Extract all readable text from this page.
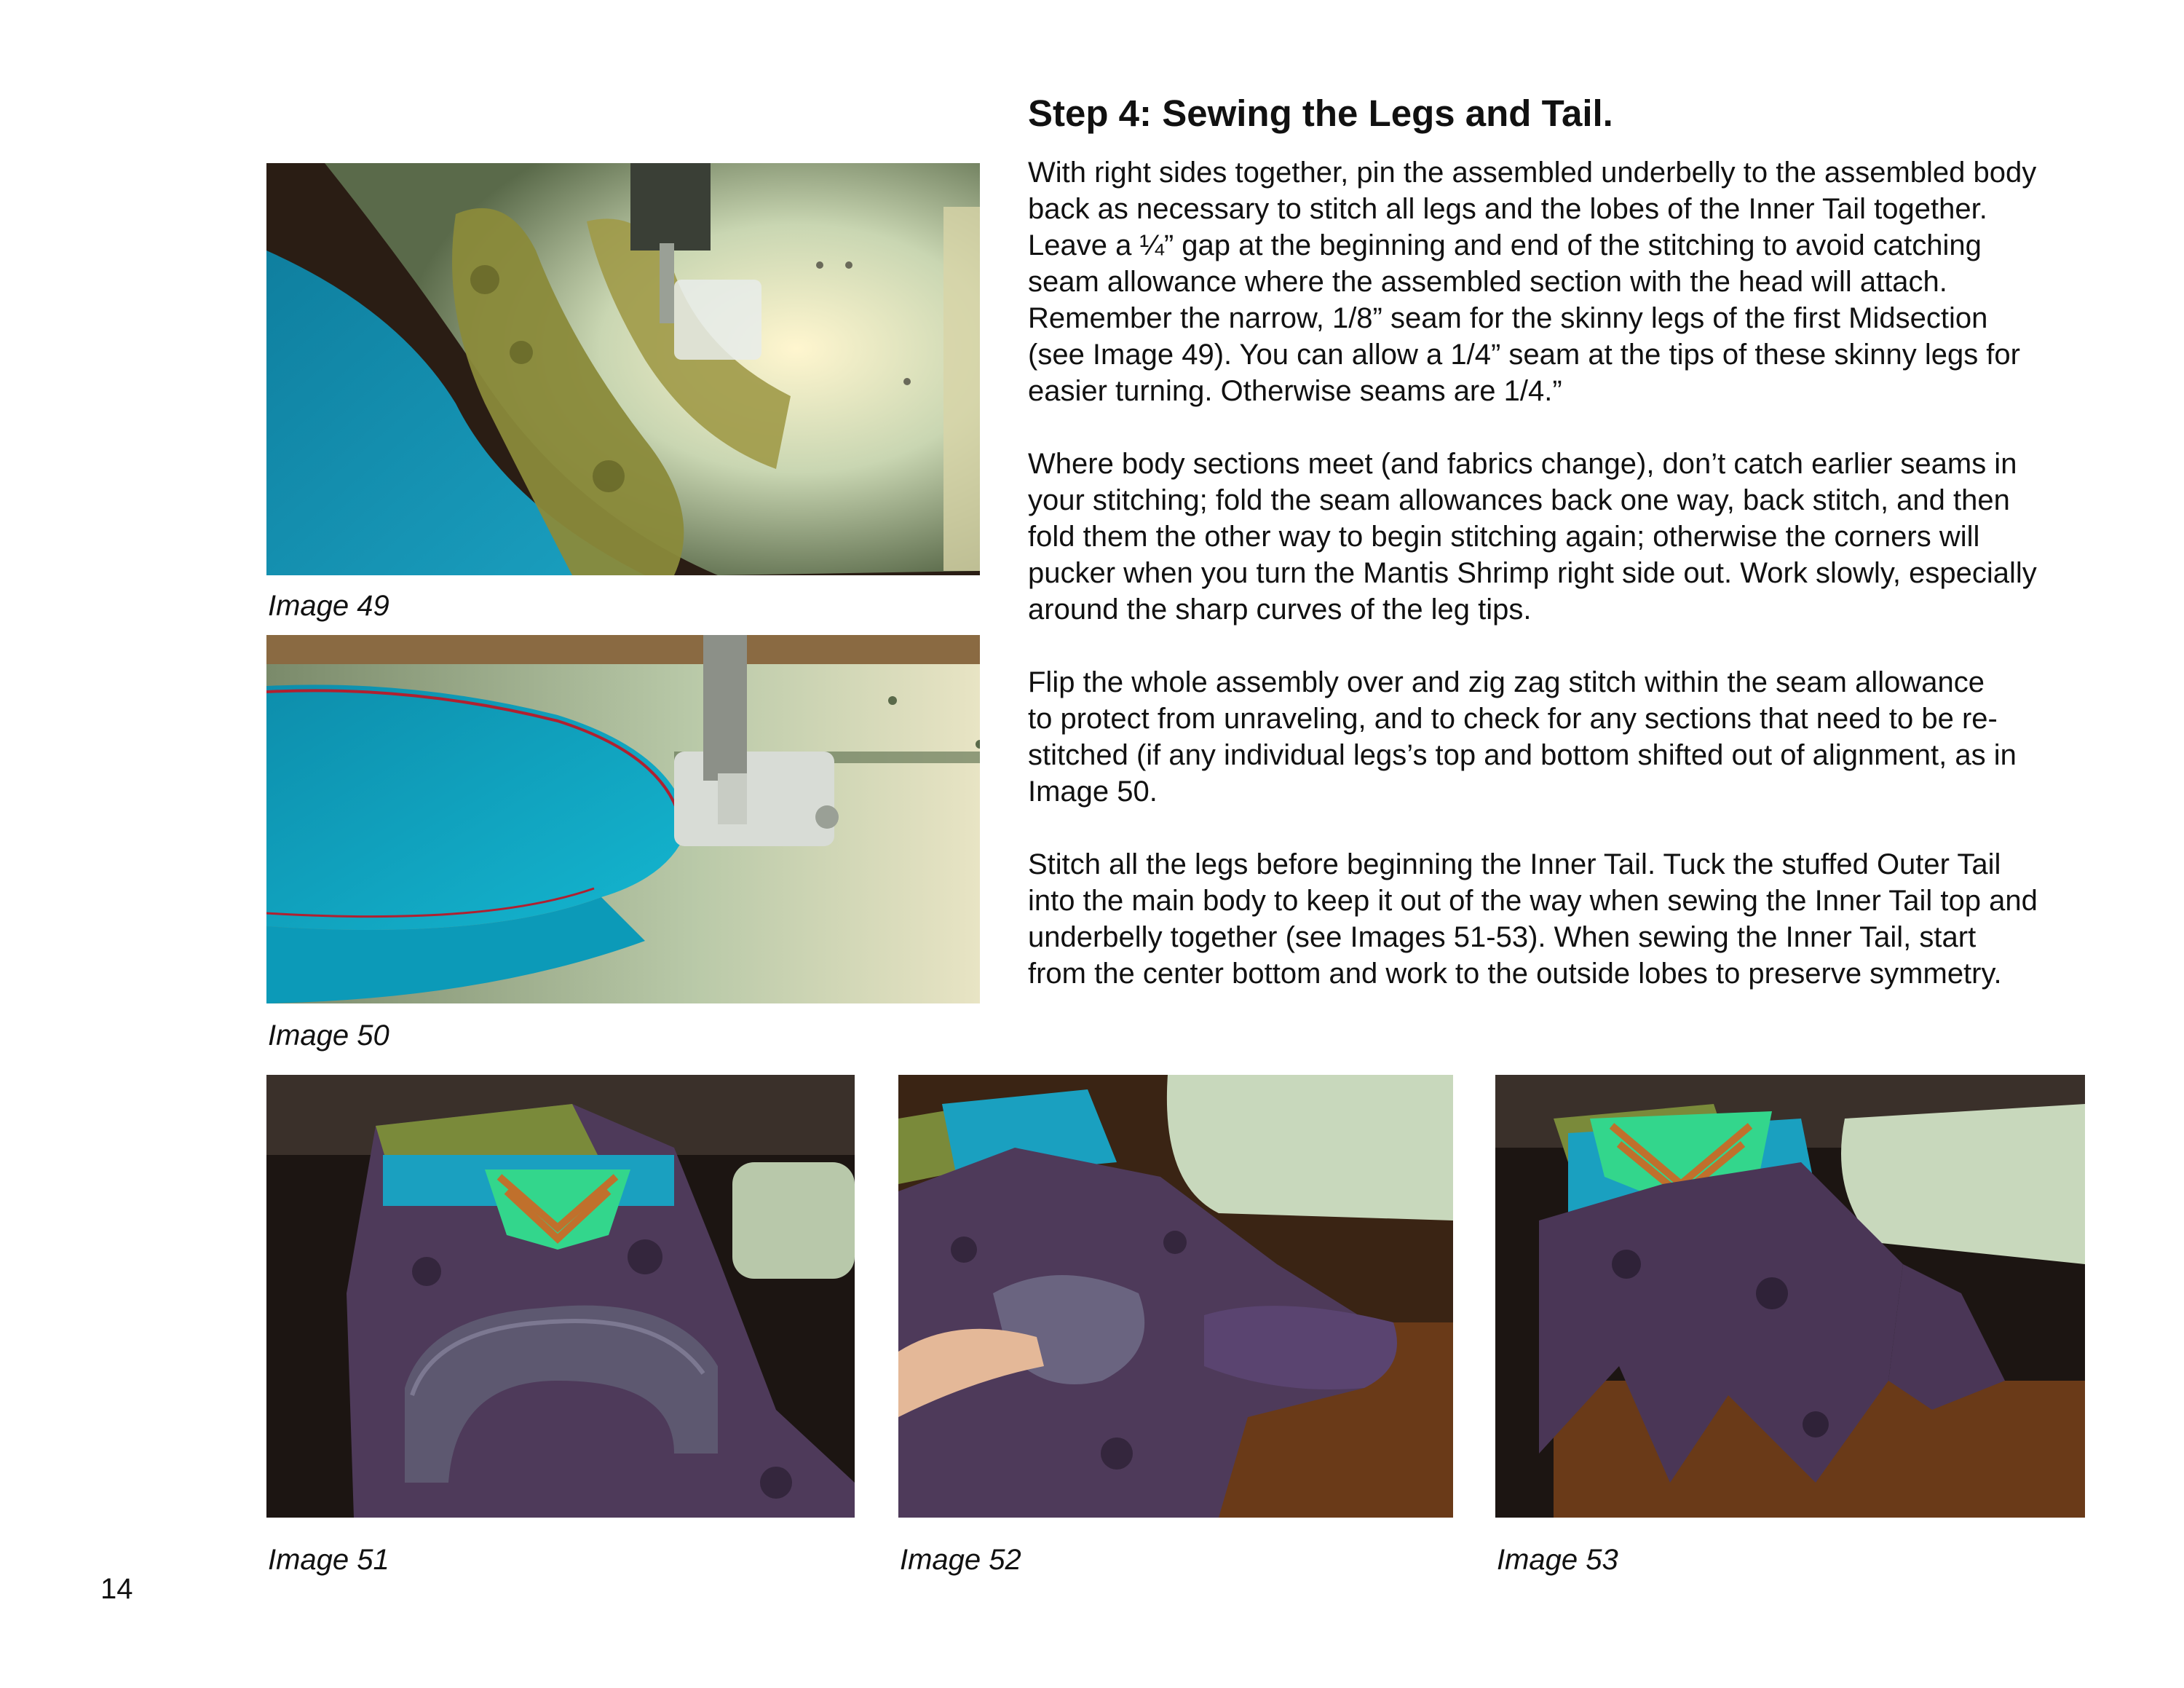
Image 49
Image 50
Image 51	Image 52	Image 53
Step 4: Sewing the Legs and Tail.

With right sides together, pin the assembled underbelly to the assembled body
back as necessary to stitch all legs and the lobes of the Inner Tail together.
Leave a ¼” gap at the beginning and end of the stitching to avoid catching
seam allowance where the assembled section with the head will attach.
Remember the narrow, 1/8” seam for the skinny legs of the first Midsection
(see Image 49). You can allow a 1/4” seam at the tips of these skinny legs for
easier turning. Otherwise seams are 1/4.”

Where body sections meet (and fabrics change), don’t catch earlier seams in
your stitching; fold the seam allowances back one way, back stitch, and then
fold them the other way to begin stitching again; otherwise the corners will
pucker when you turn the Mantis Shrimp right side out. Work slowly, especially
around the sharp curves of the leg tips.

Flip the whole assembly over and zig zag stitch within the seam allowance
to protect from unraveling, and to check for any sections that need to be re-
stitched (if any individual legs’s top and bottom shifted out of alignment, as in
Image 50.

Stitch all the legs before beginning the Inner Tail. Tuck the stuffed Outer Tail
into the main body to keep it out of the way when sewing the Inner Tail top and
underbelly together (see Images 51-53). When sewing the Inner Tail, start
from the center bottom and work to the outside lobes to preserve symmetry.

14
